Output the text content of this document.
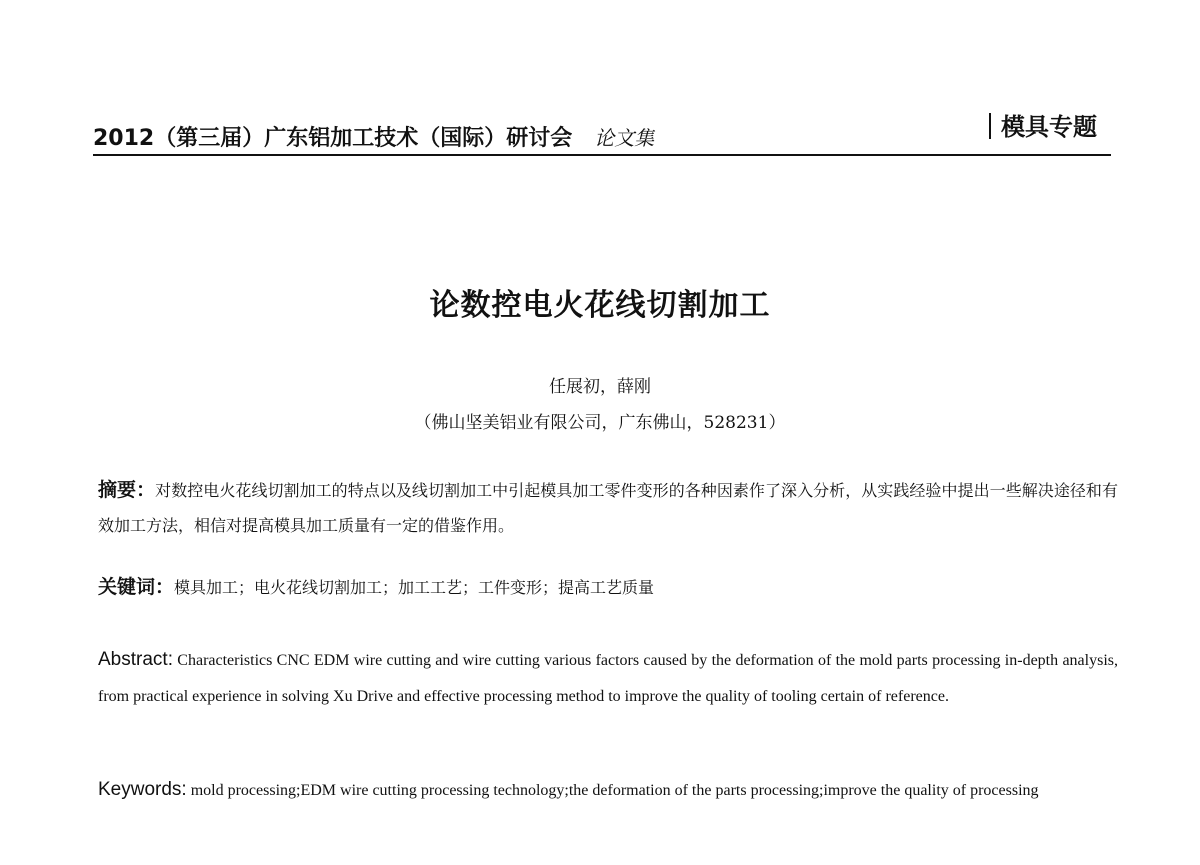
2012（第三届）广东铝加工技术（国际）研讨会 论文集	模具专题
论数控电火花线切割加工
任展初，薛刚
（佛山坚美铝业有限公司，广东佛山，528231）
摘要：对数控电火花线切割加工的特点以及线切割加工中引起模具加工零件变形的各种因素作了深入分析，从实践经验中提出一些解决途径和有效加工方法，相信对提高模具加工质量有一定的借鉴作用。
关键词：模具加工；电火花线切割加工；加工工艺；工件变形；提高工艺质量
Abstract: Characteristics CNC EDM wire cutting and wire cutting various factors caused by the deformation of the mold parts processing in-depth analysis, from practical experience in solving Xu Drive and effective processing method to improve the quality of tooling certain of reference.
Keywords: mold processing;EDM wire cutting processing technology;the deformation of the parts processing;improve the quality of processing
